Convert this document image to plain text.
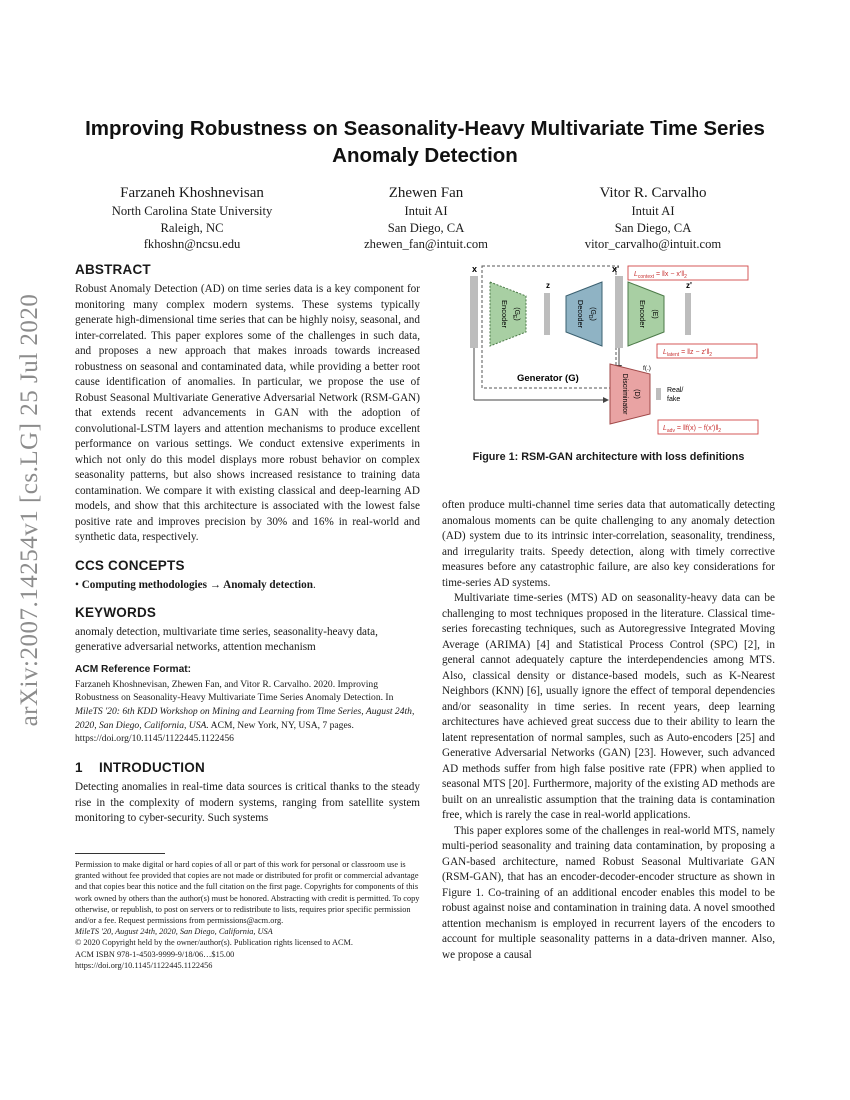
arXiv:2007.14254v1 [cs.LG] 25 Jul 2020
Improving Robustness on Seasonality-Heavy Multivariate Time Series Anomaly Detection
Farzaneh Khoshnevisan
North Carolina State University
Raleigh, NC
fkhoshn@ncsu.edu
Zhewen Fan
Intuit AI
San Diego, CA
zhewen_fan@intuit.com
Vitor R. Carvalho
Intuit AI
San Diego, CA
vitor_carvalho@intuit.com
ABSTRACT

Robust Anomaly Detection (AD) on time series data is a key component for monitoring many complex modern systems. These systems typically generate high-dimensional time series that can be highly noisy, seasonal, and inter-correlated. This paper explores some of the challenges in such data, and proposes a new approach that makes inroads towards increased robustness on seasonal and contaminated data, while providing a better root cause identification of anomalies. In particular, we propose the use of Robust Seasonal Multivariate Generative Adversarial Network (RSM-GAN) that extends recent advancements in GAN with the adoption of convolutional-LSTM layers and attention mechanisms to produce excellent performance on various settings. We conduct extensive experiments in which not only do this model displays more robust behavior on complex seasonality patterns, but also shows increased resistance to training data contamination. We compare it with existing classical and deep-learning AD models, and show that this architecture is associated with the lowest false positive rate and improves precision by 30% and 16% in real-world and synthetic data, respectively.

CCS CONCEPTS
• Computing methodologies → Anomaly detection.
KEYWORDS

anomaly detection, multivariate time series, seasonality-heavy data, generative adversarial networks, attention mechanism

ACM Reference Format:
Farzaneh Khoshnevisan, Zhewen Fan, and Vitor R. Carvalho. 2020. Improving Robustness on Seasonality-Heavy Multivariate Time Series Anomaly Detection. In MileTS '20: 6th KDD Workshop on Mining and Learning from Time Series, August 24th, 2020, San Diego, California, USA. ACM, New York, NY, USA, 7 pages. https://doi.org/10.1145/1122445.1122456
1 INTRODUCTION

Detecting anomalies in real-time data sources is critical thanks to the steady rise in the complexity of modern systems, ranging from satellite system monitoring to cyber-security. Such systems

Permission to make digital or hard copies of all or part of this work for personal or classroom use is granted without fee provided that copies are not made or distributed for profit or commercial advantage and that copies bear this notice and the full citation on the first page. Copyrights for components of this work owned by others than the author(s) must be honored. Abstracting with credit is permitted. To copy otherwise, or republish, to post on servers or to redistribute to lists, requires prior specific permission and/or a fee. Request permissions from permissions@acm.org.
MileTS '20, August 24th, 2020, San Diego, California, USA
© 2020 Copyright held by the owner/author(s). Publication rights licensed to ACM.
ACM ISBN 978-1-4503-9999-9/18/06…$15.00
https://doi.org/10.1145/1122445.1122456
x
Generator (G)
Encoder $(G_E)$
z
Decoder $(G_D)$
x'
Encoder (E)
z'
$L_{context}$ = ‖x − $x'‖_2$
$L_{latent}$ = ‖z − $z'‖_2$
Discriminator (D)
f(.)
Real/
fake
$L_{adv}$ = ‖f(x) − $f(x')‖_2$
Figure 1: RSM-GAN architecture with loss definitions

often produce multi-channel time series data that automatically detecting anomalous moments can be quite challenging to any anomaly detection (AD) system due to its intrinsic inter-correlation, seasonality, trendiness, and irregularity traits. Speedy detection, along with timely corrective measures before any catastrophic failure, are also key considerations for time-series AD systems.

Multivariate time-series (MTS) AD on seasonality-heavy data can be challenging to most techniques proposed in the literature. Classical time-series forecasting techniques, such as Autoregressive Integrated Moving Average (ARIMA) [4] and Statistical Process Control (SPC) [2], in general cannot adequately capture the interdependencies among MTS. Also, classical density or distance-based models, such as K-Nearest Neighbors (KNN) [6], usually ignore the effect of temporal dependencies and/or seasonality in time series. In recent years, deep learning architectures have achieved great success due to their ability to learn the latent representation of normal samples, such as Auto-encoders [25] and Generative Adversarial Networks (GAN) [23]. However, such advanced AD methods suffer from high false positive rate (FPR) when applied to seasonal MTS [20]. Furthermore, majority of the existing AD methods are built on an unrealistic assumption that the training data is contamination free, which is rarely the case in real-world applications.

This paper explores some of the challenges in real-world MTS, namely multi-period seasonality and training data contamination, by proposing a GAN-based architecture, named Robust Seasonal Multivariate GAN (RSM-GAN), that has an encoder-decoder-encoder structure as shown in Figure 1. Co-training of an additional encoder enables this model to be robust against noise and contamination in training data. A novel smoothed attention mechanism is employed in recurrent layers of the encoders to account for multiple seasonality patterns in a data-driven manner. Also, we propose a causal
